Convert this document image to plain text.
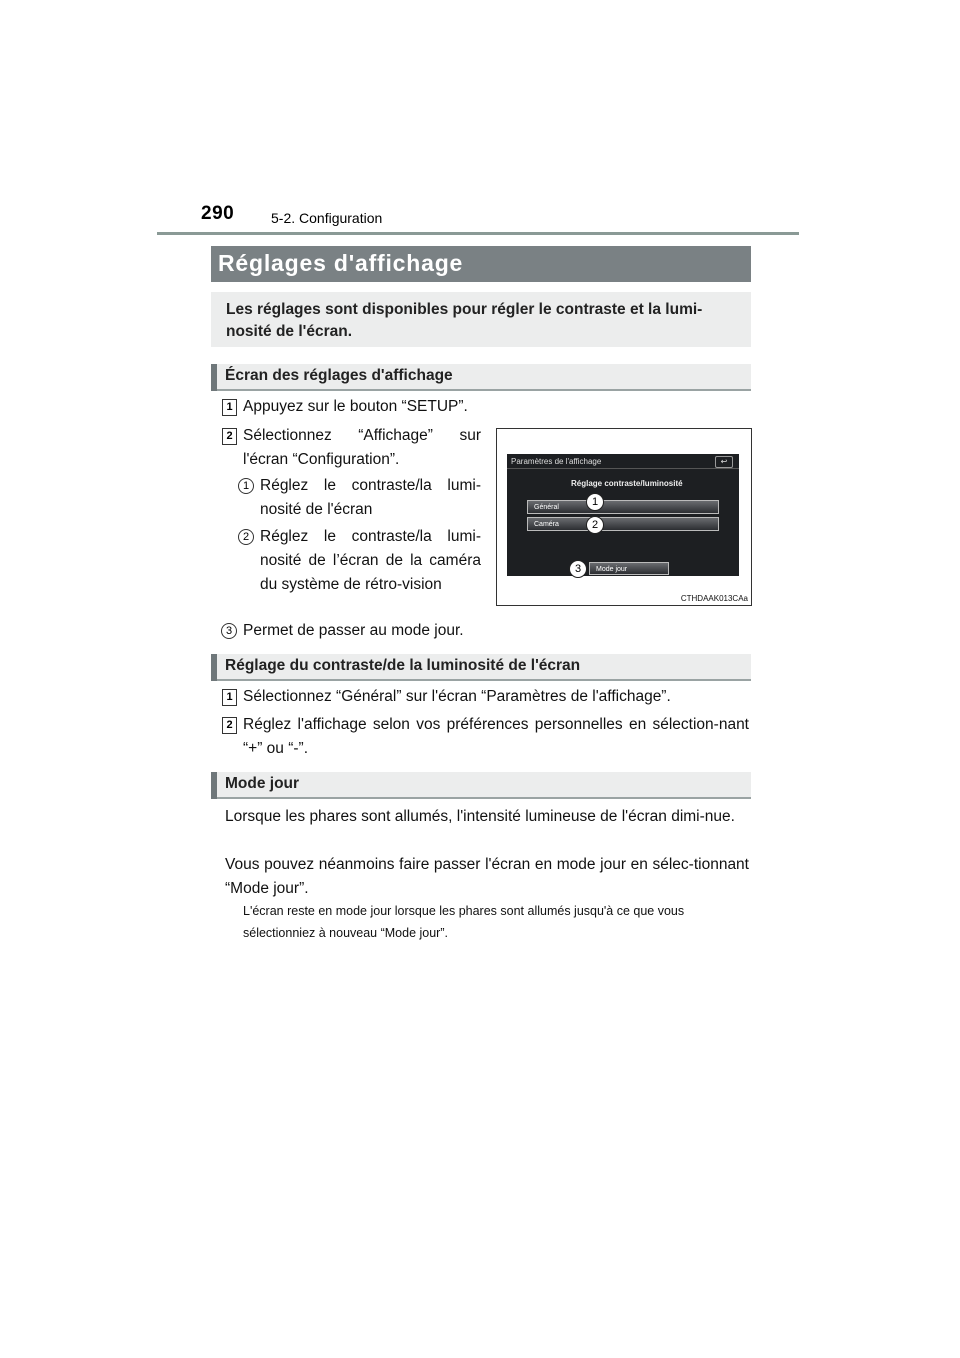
290	5-2. Configuration
Réglages d'affichage
Les réglages sont disponibles pour régler le contraste et la lumi-nosité de l'écran.
Écran des réglages d'affichage
1 Appuyez sur le bouton “SETUP”.
2 Sélectionnez “Affichage” sur l'écran “Configuration”.
1 Réglez le contraste/la lumi-nosité de l'écran
2 Réglez le contraste/la lumi-nosité de l’écran de la caméra du système de rétro-vision
3 Permet de passer au mode jour.
Paramètres de l'affichage	↩
Réglage contraste/luminosité
Général
Caméra
Mode jour
1
2
3
CTHDAAK013CAa
Réglage du contraste/de la luminosité de l'écran
1 Sélectionnez “Général” sur l'écran “Paramètres de l'affichage”.
2 Réglez l'affichage selon vos préférences personnelles en sélection-nant “+” ou “-”.
Mode jour
Lorsque les phares sont allumés, l'intensité lumineuse de l'écran dimi-nue.
Vous pouvez néanmoins faire passer l'écran en mode jour en sélec-tionnant “Mode jour”.
L'écran reste en mode jour lorsque les phares sont allumés jusqu'à ce que vous sélectionniez à nouveau “Mode jour”.
